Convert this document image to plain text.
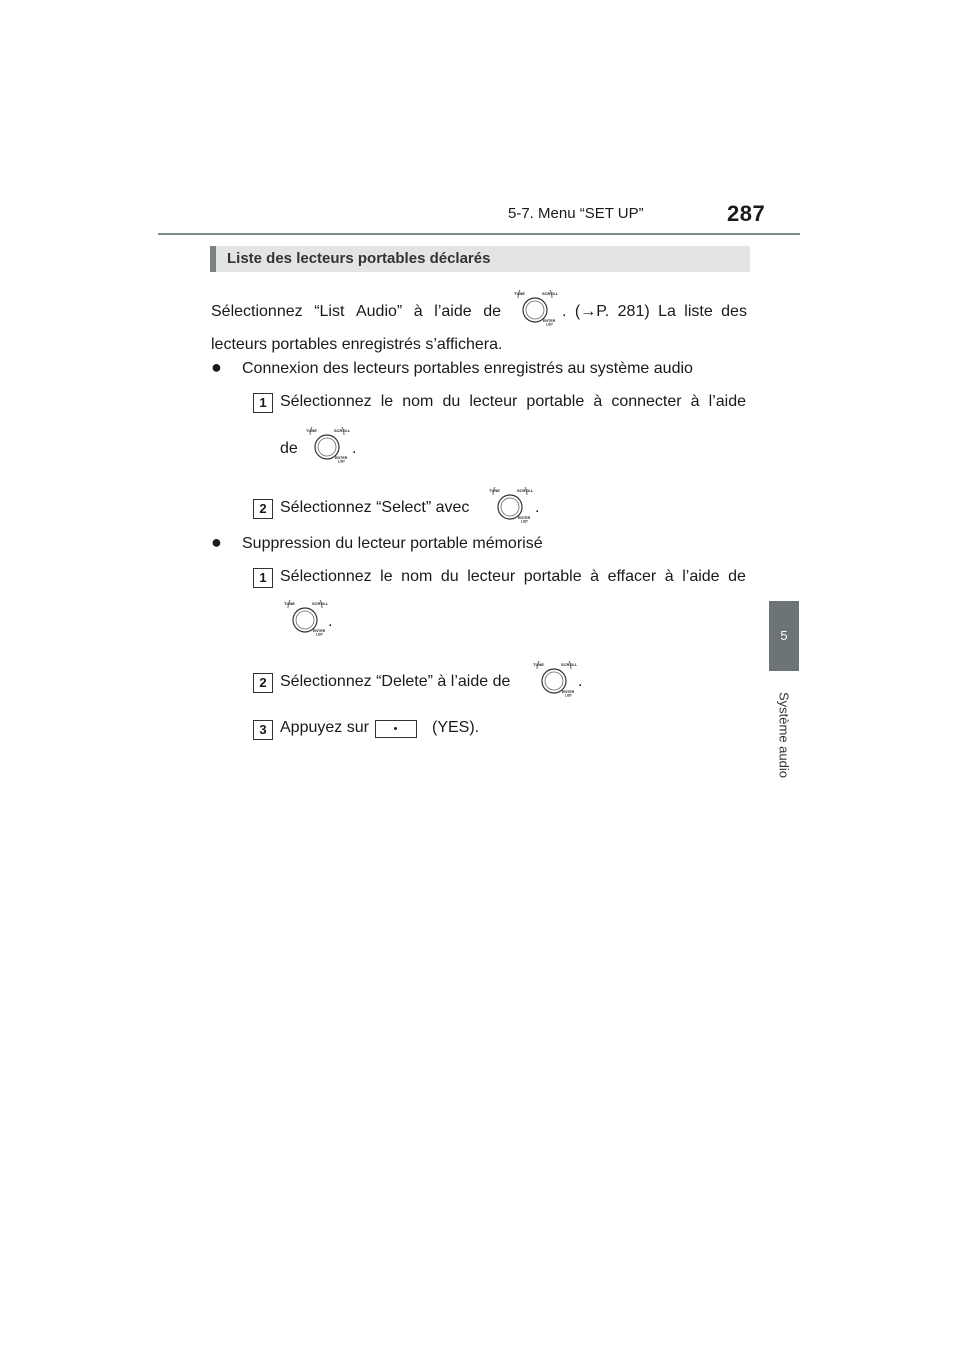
5-7. Menu “SET UP”	287
5
Système audio
Liste des lecteurs portables déclarés
Sélectionnez “List Audio” à l’aide de
TUNE	SCROLL
ENTER
LIST
. (→P. 281) La liste des
lecteurs portables enregistrés s’affichera.
● Connexion des lecteurs portables enregistrés au système audio
1 Sélectionnez le nom du lecteur portable à connecter à l’aide
de
TUNE	SCROLL
ENTER
LIST
.
2 Sélectionnez “Select” avec
TUNE	SCROLL
ENTER
LIST
.
● Suppression du lecteur portable mémorisé
1 Sélectionnez le nom du lecteur portable à effacer à l’aide de
TUNE	SCROLL
ENTER
LIST
.
2 Sélectionnez “Delete” à l’aide de
TUNE	SCROLL
ENTER
LIST
.
3 Appuyez sur	(YES).
